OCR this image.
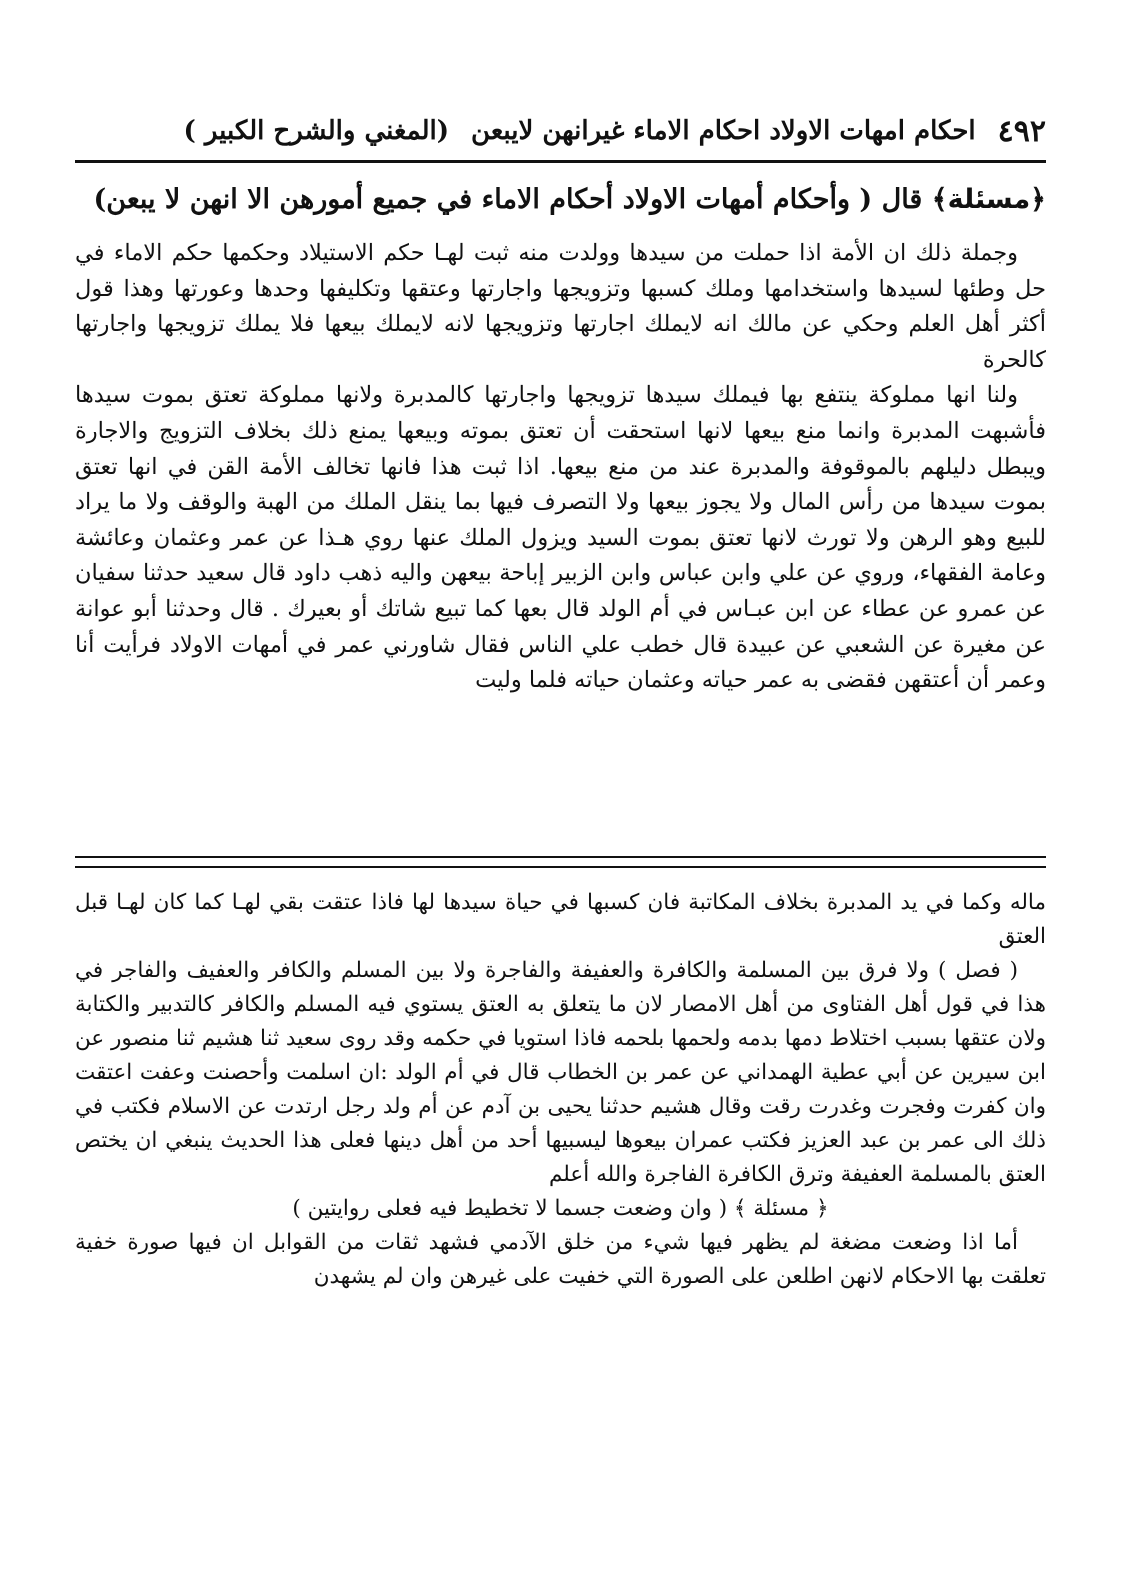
٤٩٢
احكام امهات الاولاد احكام الاماء غيرانهن لايبعن
(المغني والشرح الكبير )

﴿مسئلة﴾ قال ( وأحكام أمهات الاولاد أحكام الاماء في جميع أمورهن الا انهن لا يبعن)

وجملة ذلك ان الأمة اذا حملت من سيدها وولدت منه ثبت لهـا حكم الاستيلاد وحكمها حكم الاماء في حل وطئها لسيدها واستخدامها وملك كسبها وتزويجها واجارتها وعتقها وتكليفها وحدها وعورتها وهذا قول أكثر أهل العلم وحكي عن مالك انه لايملك اجارتها وتزويجها لانه لايملك بيعها فلا يملك تزويجها واجارتها كالحرة

ولنا انها مملوكة ينتفع بها فيملك سيدها تزويجها واجارتها كالمدبرة ولانها مملوكة تعتق بموت سيدها فأشبهت المدبرة وانما منع بيعها لانها استحقت أن تعتق بموته وبيعها يمنع ذلك بخلاف التزويج والاجارة ويبطل دليلهم بالموقوفة والمدبرة عند من منع بيعها. اذا ثبت هذا فانها تخالف الأمة القن في انها تعتق بموت سيدها من رأس المال ولا يجوز بيعها ولا التصرف فيها بما ينقل الملك من الهبة والوقف ولا ما يراد للبيع وهو الرهن ولا تورث لانها تعتق بموت السيد ويزول الملك عنها روي هـذا عن عمر وعثمان وعائشة وعامة الفقهاء، وروي عن علي وابن عباس وابن الزبير إباحة بيعهن واليه ذهب داود قال سعيد حدثنا سفيان عن عمرو عن عطاء عن ابن عبـاس في أم الولد قال بعها كما تبيع شاتك أو بعيرك . قال وحدثنا أبو عوانة عن مغيرة عن الشعبي عن عبيدة قال خطب علي الناس فقال شاورني عمر في أمهات الاولاد فرأيت أنا وعمر أن أعتقهن فقضى به عمر حياته وعثمان حياته فلما وليت

ماله وكما في يد المدبرة بخلاف المكاتبة فان كسبها في حياة سيدها لها فاذا عتقت بقي لهـا كما كان لهـا قبل العتق

( فصل ) ولا فرق بين المسلمة والكافرة والعفيفة والفاجرة ولا بين المسلم والكافر والعفيف والفاجر في هذا في قول أهل الفتاوى من أهل الامصار لان ما يتعلق به العتق يستوي فيه المسلم والكافر كالتدبير والكتابة ولان عتقها بسبب اختلاط دمها بدمه ولحمها بلحمه فاذا استويا في حكمه وقد روى سعيد ثنا هشيم ثنا منصور عن ابن سيرين عن أبي عطية الهمداني عن عمر بن الخطاب قال في أم الولد :ان اسلمت وأحصنت وعفت اعتقت وان كفرت وفجرت وغدرت رقت وقال هشيم حدثنا يحيى بن آدم عن أم ولد رجل ارتدت عن الاسلام فكتب في ذلك الى عمر بن عبد العزيز فكتب عمران بيعوها ليسبيها أحد من أهل دينها فعلى هذا الحديث ينبغي ان يختص العتق بالمسلمة العفيفة وترق الكافرة الفاجرة والله أعلم

﴿ مسئلة ﴾ ( وان وضعت جسما لا تخطيط فيه فعلى روايتين )

أما اذا وضعت مضغة لم يظهر فيها شيء من خلق الآدمي فشهد ثقات من القوابل ان فيها صورة خفية تعلقت بها الاحكام لانهن اطلعن على الصورة التي خفيت على غيرهن وان لم يشهدن
